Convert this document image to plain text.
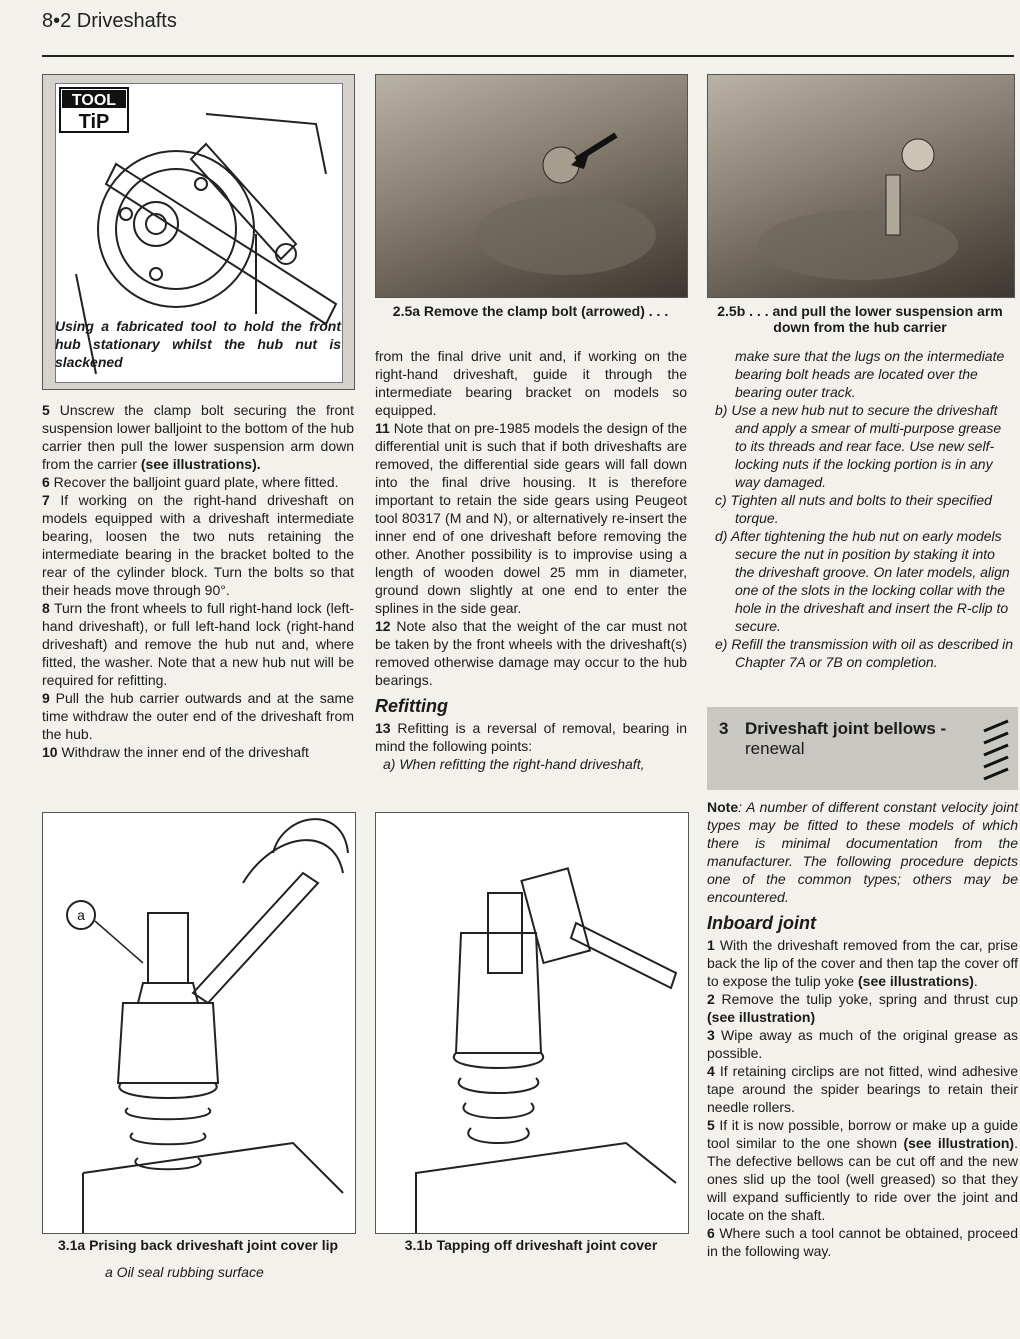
8•2 Driveshafts
TOOL
TiP
Using a fabricated tool to hold the front hub stationary whilst the hub nut is slackened
2.5a Remove the clamp bolt (arrowed) . . .	2.5b . . . and pull the lower suspension arm down from the hub carrier

5 Unscrew the clamp bolt securing the front suspension lower balljoint to the bottom of the hub carrier then pull the lower suspension arm down from the carrier (see illustrations).

6 Recover the balljoint guard plate, where fitted.

7 If working on the right-hand driveshaft on models equipped with a driveshaft intermediate bearing, loosen the two nuts retaining the intermediate bearing in the bracket bolted to the rear of the cylinder block. Turn the bolts so that their heads move through 90°.

8 Turn the front wheels to full right-hand lock (left-hand driveshaft), or full left-hand lock (right-hand driveshaft) and remove the hub nut and, where fitted, the washer. Note that a new hub nut will be required for refitting.

9 Pull the hub carrier outwards and at the same time withdraw the outer end of the driveshaft from the hub.

10 Withdraw the inner end of the driveshaft

from the final drive unit and, if working on the right-hand driveshaft, guide it through the intermediate bearing bracket on models so equipped.

11 Note that on pre-1985 models the design of the differential unit is such that if both driveshafts are removed, the differential side gears will fall down into the final drive housing. It is therefore important to retain the side gears using Peugeot tool 80317 (M and N), or alternatively re-insert the inner end of one driveshaft before removing the other. Another possibility is to improvise using a length of wooden dowel 25 mm in diameter, ground down slightly at one end to enter the splines in the side gear.

12 Note also that the weight of the car must not be taken by the front wheels with the driveshaft(s) removed otherwise damage may occur to the hub bearings.

Refitting

13 Refitting is a reversal of removal, bearing in mind the following points:

a) When refitting the right-hand driveshaft,

make sure that the lugs on the intermediate bearing bolt heads are located over the bearing outer track.

b) Use a new hub nut to secure the driveshaft and apply a smear of multi-purpose grease to its threads and rear face. Use new self-locking nuts if the locking portion is in any way damaged.

c) Tighten all nuts and bolts to their specified torque.

d) After tightening the hub nut on early models secure the nut in position by staking it into the driveshaft groove. On later models, align one of the slots in the locking collar with the hole in the driveshaft and insert the R-clip to secure.

e) Refill the transmission with oil as described in Chapter 7A or 7B on completion.

3 Driveshaft joint bellows -
renewal

Note: A number of different constant velocity joint types may be fitted to these models of which there is minimal documentation from the manufacturer. The following procedure depicts one of the common types; others may be encountered.

Inboard joint

1 With the driveshaft removed from the car, prise back the lip of the cover and then tap the cover off to expose the tulip yoke (see illustrations).

2 Remove the tulip yoke, spring and thrust cup (see illustration)

3 Wipe away as much of the original grease as possible.

4 If retaining circlips are not fitted, wind adhesive tape around the spider bearings to retain their needle rollers.

5 If it is now possible, borrow or make up a guide tool similar to the one shown (see illustration). The defective bellows can be cut off and the new ones slid up the tool (well greased) so that they will expand sufficiently to ride over the joint and locate on the shaft.

6 Where such a tool cannot be obtained, proceed in the following way.

a
3.1a Prising back driveshaft joint cover lip
a Oil seal rubbing surface
3.1b Tapping off driveshaft joint cover
